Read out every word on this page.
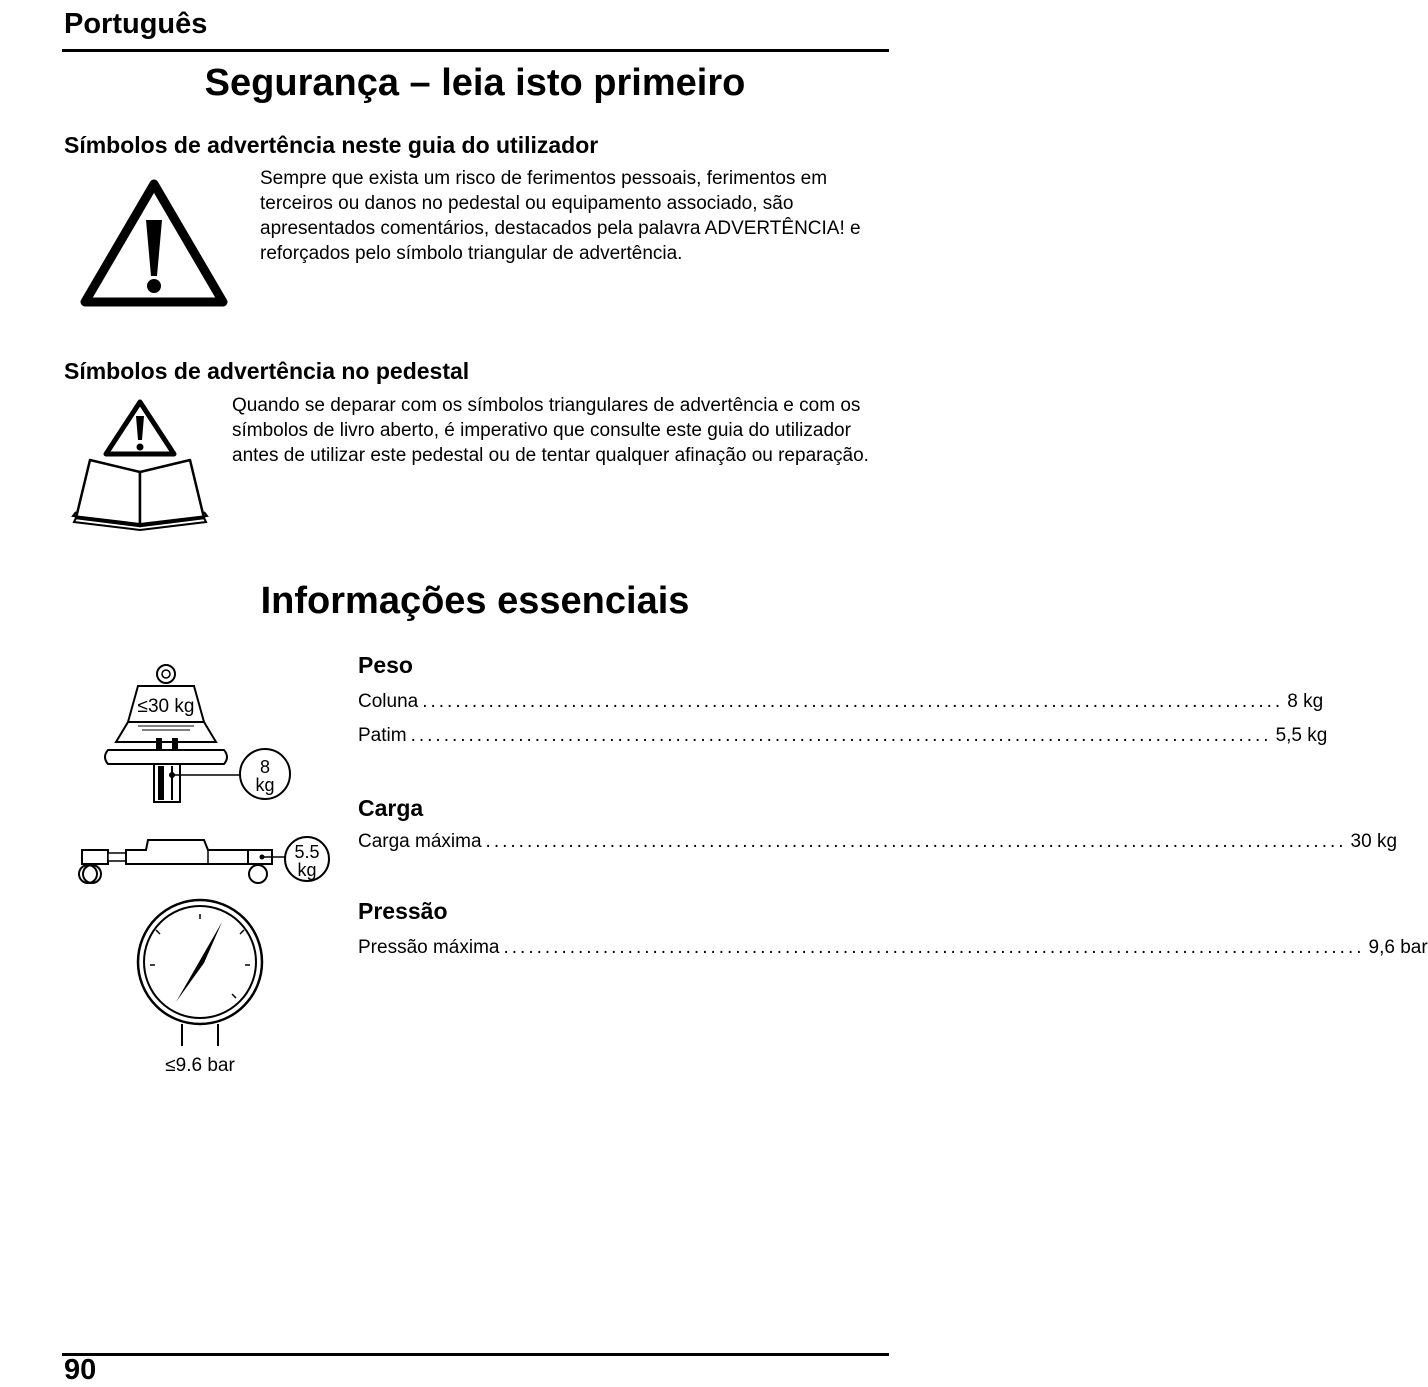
Português
Segurança – leia isto primeiro
Símbolos de advertência neste guia do utilizador
Sempre que exista um risco de ferimentos pessoais, ferimentos em
terceiros ou danos no pedestal ou equipamento associado, são
apresentados comentários, destacados pela palavra ADVERTÊNCIA! e
reforçados pelo símbolo triangular de advertência.
Símbolos de advertência no pedestal
Quando se deparar com os símbolos triangulares de advertência e com os
símbolos de livro aberto, é imperativo que consulte este guia do utilizador
antes de utilizar este pedestal ou de tentar qualquer afinação ou reparação.
Informações essenciais
≤30 kg
8
kg
5.5
kg
≤9.6 bar
Peso
Coluna ........................................................................................................ 8 kg
Patim ........................................................................................................ 5,5 kg
Carga
Carga máxima ........................................................................................................ 30 kg
Pressão
Pressão máxima ........................................................................................................ 9,6 bar
90
